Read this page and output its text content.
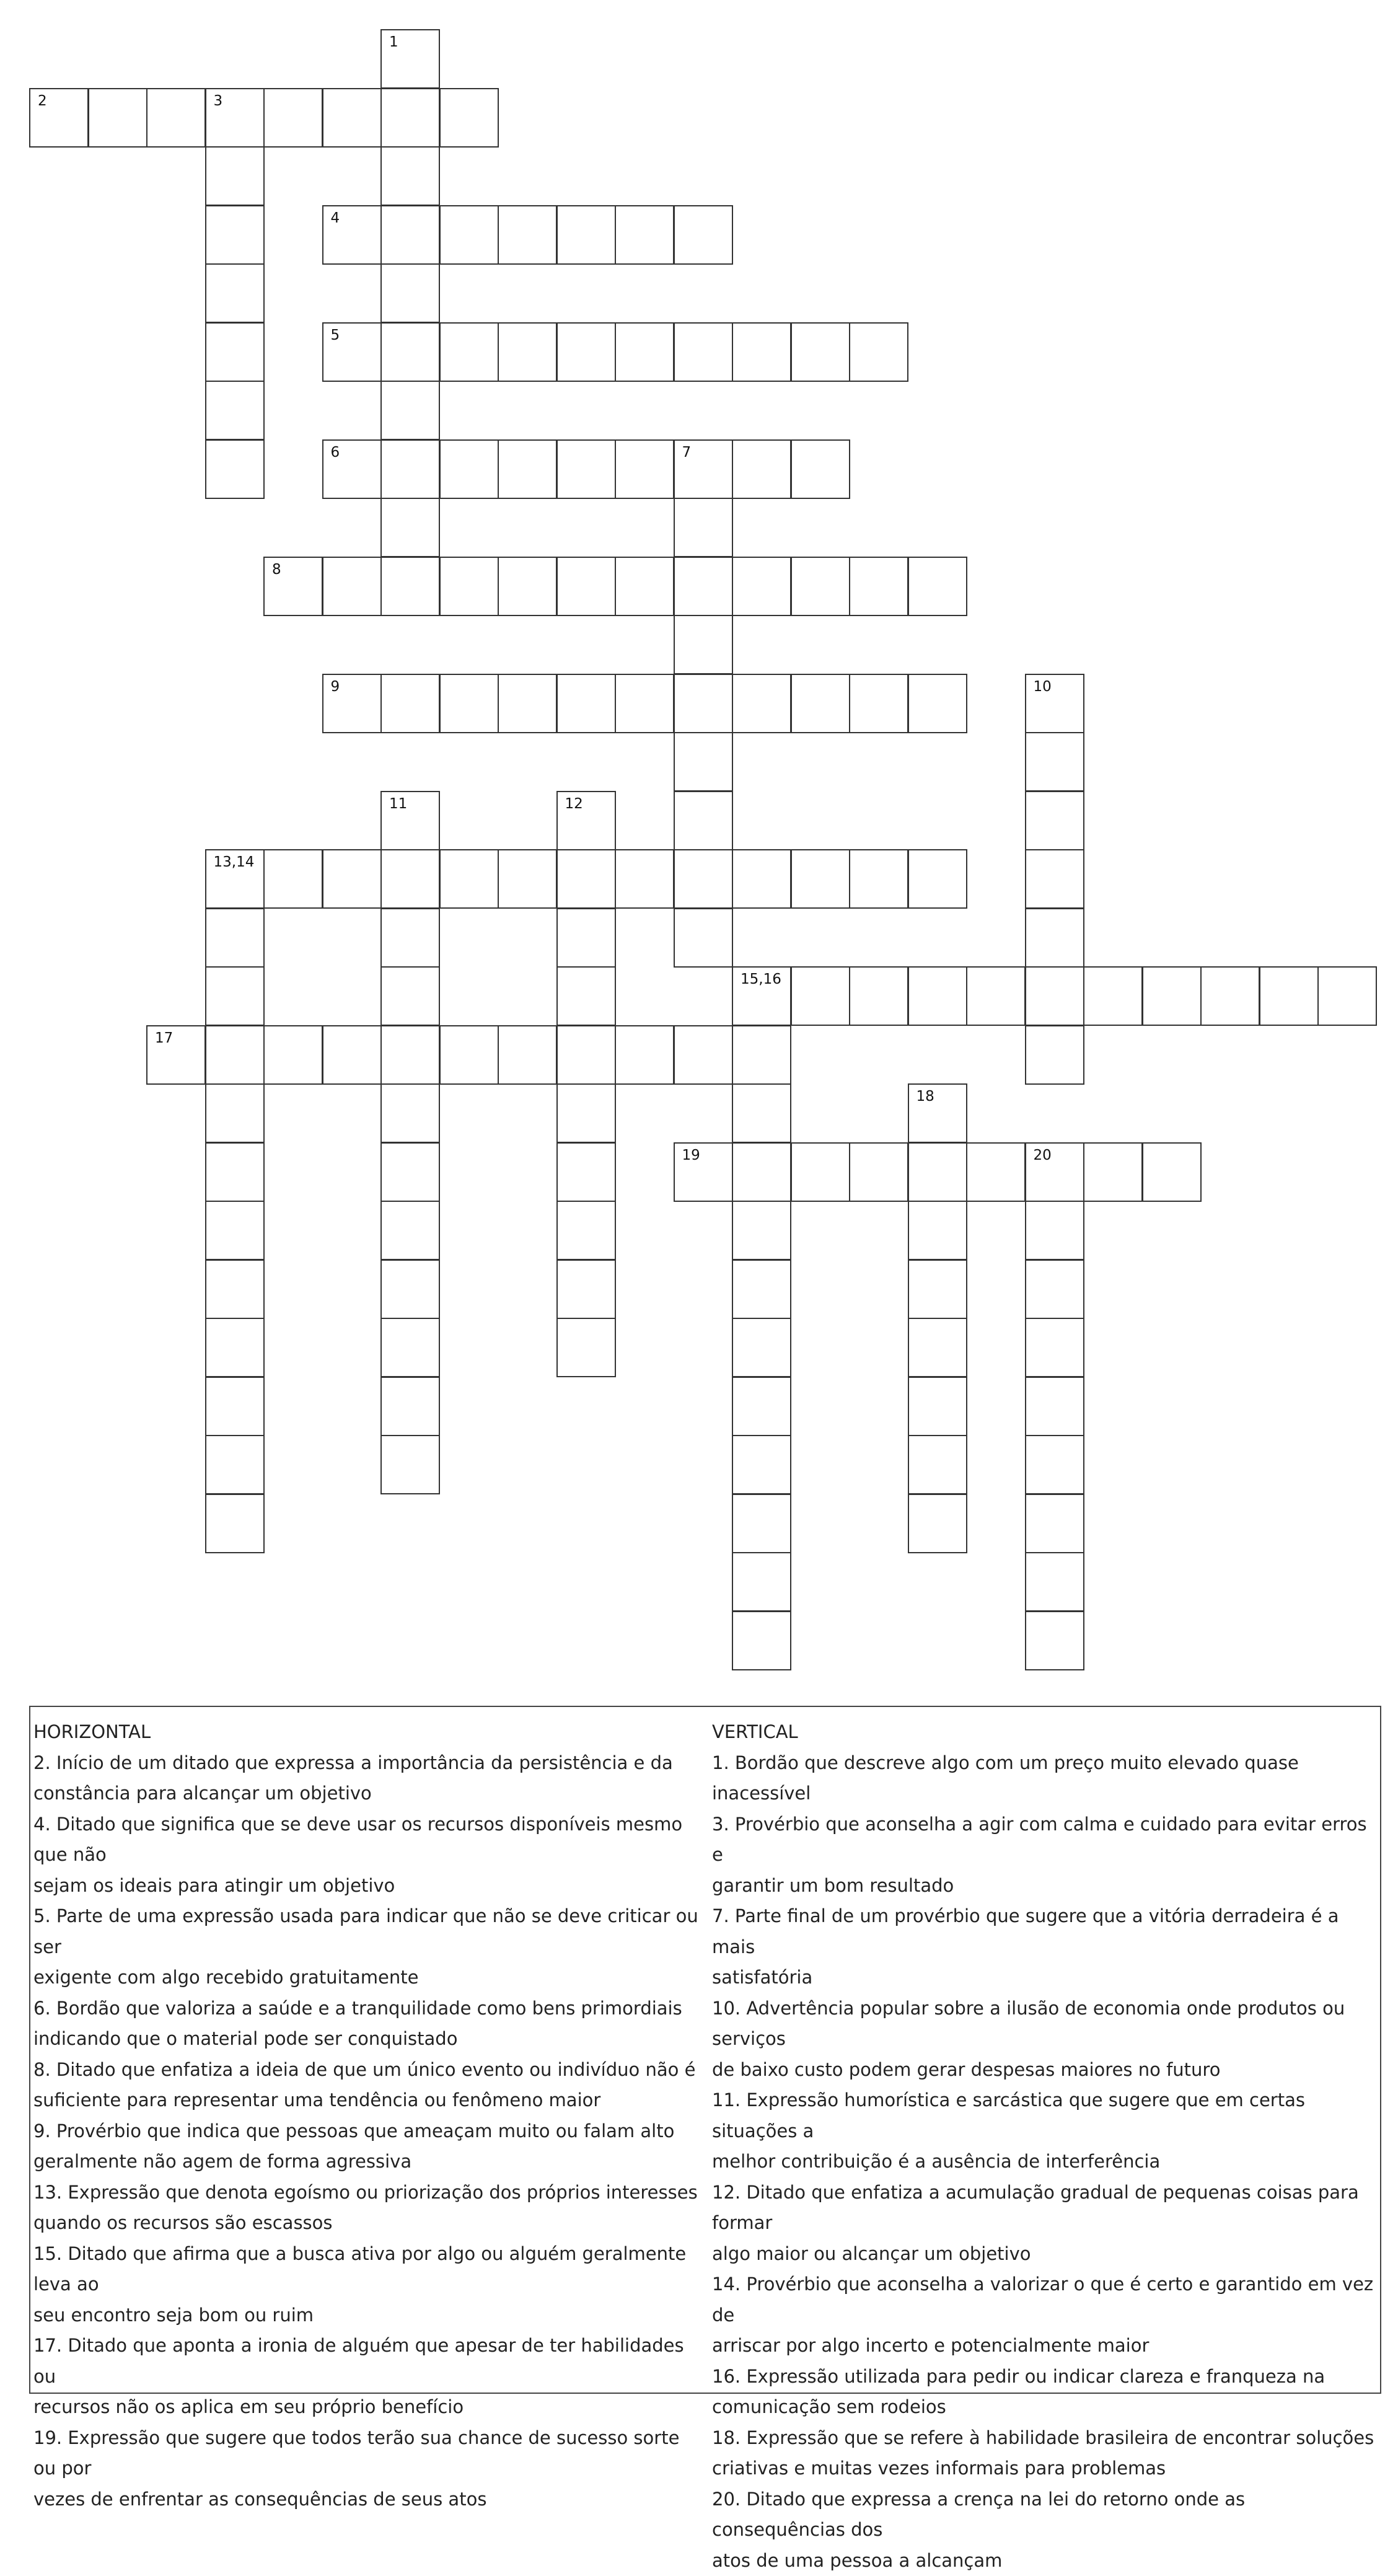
1
2	3
4
5
6	7
8
9	10
11	12
13,14
15,16
17
18
19	20
HORIZONTAL
2. Início de um ditado que expressa a importância da persistência e da
constância para alcançar um objetivo
4. Ditado que significa que se deve usar os recursos disponíveis mesmo que não
sejam os ideais para atingir um objetivo
5. Parte de uma expressão usada para indicar que não se deve criticar ou ser
exigente com algo recebido gratuitamente
6. Bordão que valoriza a saúde e a tranquilidade como bens primordiais
indicando que o material pode ser conquistado
8. Ditado que enfatiza a ideia de que um único evento ou indivíduo não é
suficiente para representar uma tendência ou fenômeno maior
9. Provérbio que indica que pessoas que ameaçam muito ou falam alto
geralmente não agem de forma agressiva
13. Expressão que denota egoísmo ou priorização dos próprios interesses
quando os recursos são escassos
15. Ditado que afirma que a busca ativa por algo ou alguém geralmente leva ao
seu encontro seja bom ou ruim
17. Ditado que aponta a ironia de alguém que apesar de ter habilidades ou
recursos não os aplica em seu próprio benefício
19. Expressão que sugere que todos terão sua chance de sucesso sorte ou por
vezes de enfrentar as consequências de seus atos
VERTICAL
1. Bordão que descreve algo com um preço muito elevado quase inacessível
3. Provérbio que aconselha a agir com calma e cuidado para evitar erros e
garantir um bom resultado
7. Parte final de um provérbio que sugere que a vitória derradeira é a mais
satisfatória
10. Advertência popular sobre a ilusão de economia onde produtos ou serviços
de baixo custo podem gerar despesas maiores no futuro
11. Expressão humorística e sarcástica que sugere que em certas situações a
melhor contribuição é a ausência de interferência
12. Ditado que enfatiza a acumulação gradual de pequenas coisas para formar
algo maior ou alcançar um objetivo
14. Provérbio que aconselha a valorizar o que é certo e garantido em vez de
arriscar por algo incerto e potencialmente maior
16. Expressão utilizada para pedir ou indicar clareza e franqueza na
comunicação sem rodeios
18. Expressão que se refere à habilidade brasileira de encontrar soluções
criativas e muitas vezes informais para problemas
20. Ditado que expressa a crença na lei do retorno onde as consequências dos
atos de uma pessoa a alcançam
